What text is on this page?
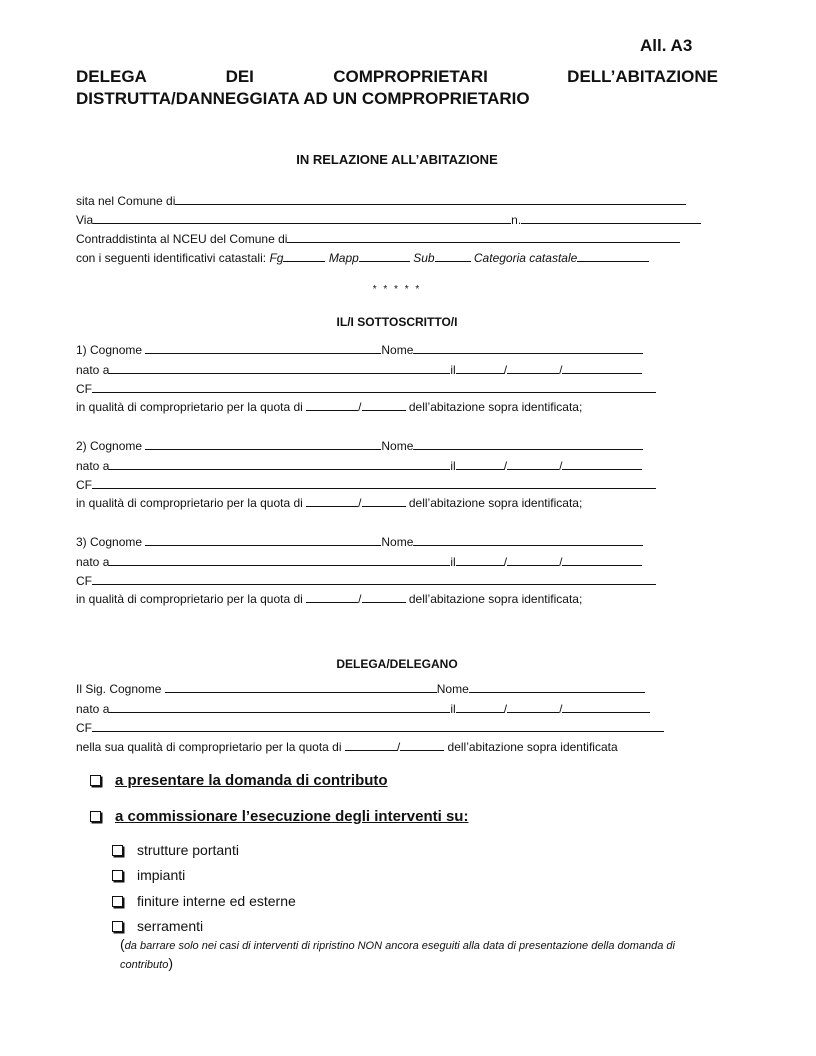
All. A3
DELEGA	DEI	COMPROPRIETARI	DELL’ABITAZIONE
DISTRUTTA/DANNEGGIATA AD UN COMPROPRIETARIO
IN RELAZIONE ALL’ABITAZIONE
sita nel Comune di
Via	n.
Contraddistinta al NCEU del Comune di
con i seguenti identificativi catastali: Fg	Mapp	Sub	Categoria catastale
* * * * *
IL/I SOTTOSCRITTO/I
1) Cognome	Nome
nato a	il	/	/
CF
in qualità di comproprietario per la quota di	/	dell’abitazione sopra identificata;
2) Cognome	Nome
nato a	il	/	/
CF
in qualità di comproprietario per la quota di	/	dell’abitazione sopra identificata;
3) Cognome	Nome
nato a	il	/	/
CF
in qualità di comproprietario per la quota di	/	dell’abitazione sopra identificata;
DELEGA/DELEGANO
Il Sig. Cognome	Nome
nato a	il	/	/
CF
nella sua qualità di comproprietario per la quota di	/	dell’abitazione sopra identificata
a presentare la domanda di contributo
a commissionare l’esecuzione degli interventi su:
strutture portanti
impianti
finiture interne ed esterne
serramenti
(da barrare solo nei casi di interventi di ripristino NON ancora eseguiti alla data di presentazione della domanda di contributo)
